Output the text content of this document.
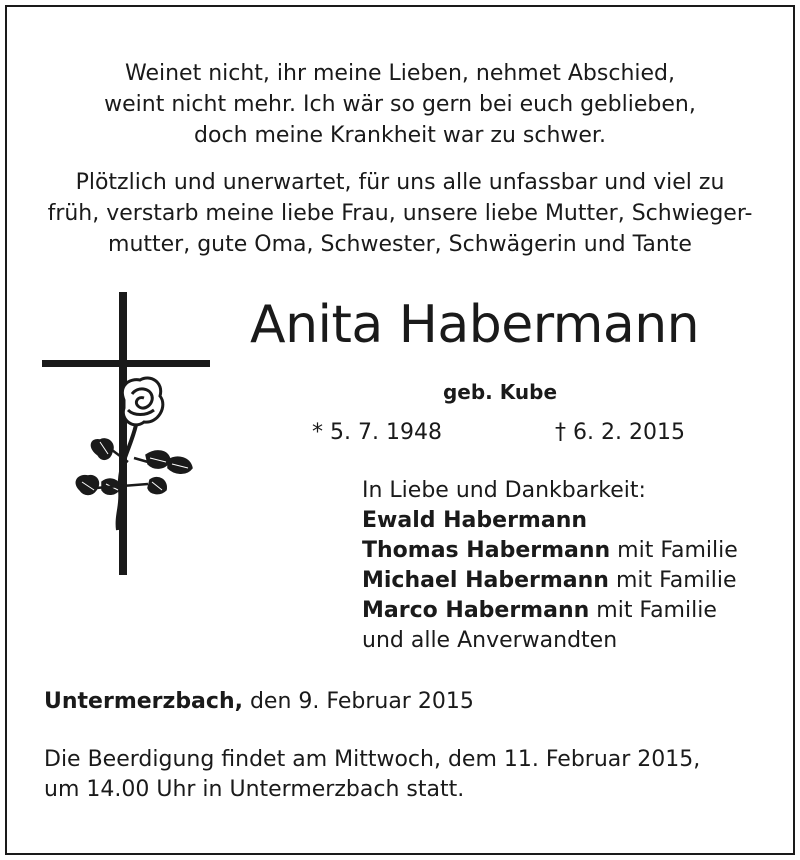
Weinet nicht, ihr meine Lieben, nehmet Abschied,
weint nicht mehr. Ich wär so gern bei euch geblieben,
doch meine Krankheit war zu schwer.
Plötzlich und unerwartet, für uns alle unfassbar und viel zu
früh, verstarb meine liebe Frau, unsere liebe Mutter, Schwieger-
mutter, gute Oma, Schwester, Schwägerin und Tante
Anita Habermann
geb. Kube
* 5. 7. 1948	† 6. 2. 2015
In Liebe und Dankbarkeit:
Ewald Habermann
Thomas Habermann mit Familie
Michael Habermann mit Familie
Marco Habermann mit Familie
und alle Anverwandten
Untermerzbach, den 9. Februar 2015
Die Beerdigung findet am Mittwoch, dem 11. Februar 2015,
um 14.00 Uhr in Untermerzbach statt.
